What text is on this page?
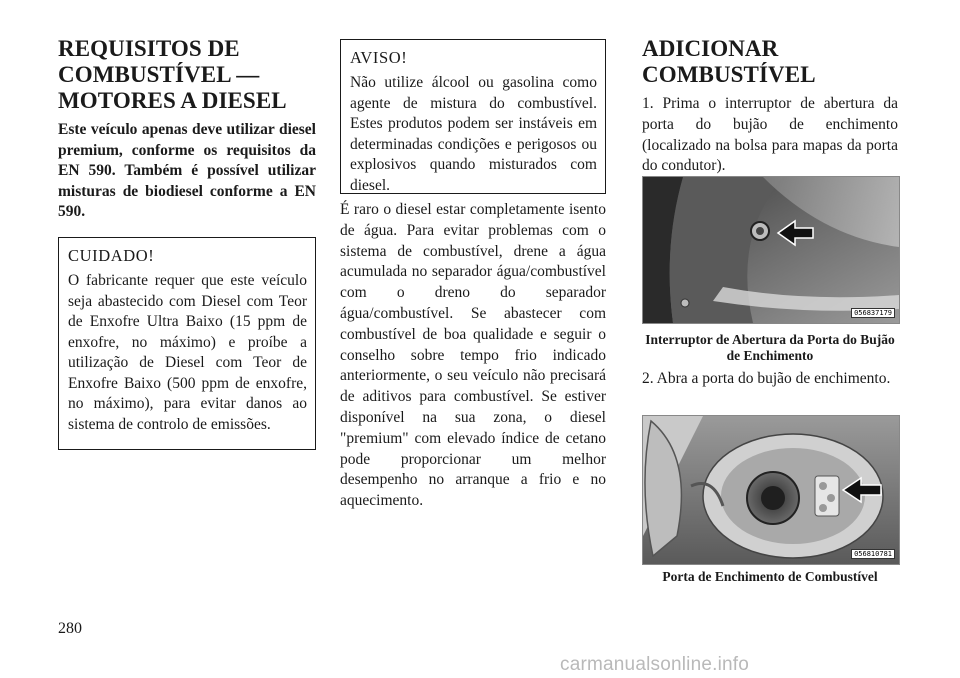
REQUISITOS DE COMBUSTÍVEL — MOTORES A DIESEL

Este veículo apenas deve utilizar diesel premium, conforme os requisitos da EN 590. Também é possível utilizar misturas de biodiesel conforme a EN 590.

CUIDADO!

O fabricante requer que este veículo seja abastecido com Diesel com Teor de Enxofre Ultra Baixo (15 ppm de enxofre, no máximo) e proíbe a utilização de Diesel com Teor de Enxofre Baixo (500 ppm de enxofre, no máximo), para evitar danos ao sistema de controlo de emissões.

AVISO!

Não utilize álcool ou gasolina como agente de mistura do combustível. Estes produtos podem ser instáveis em determinadas condições e perigosos ou explosivos quando misturados com diesel.

É raro o diesel estar completamente isento de água. Para evitar problemas com o sistema de combustível, drene a água acumulada no separador água/combustível com o dreno do separador água/combustível. Se abastecer com combustível de boa qualidade e seguir o conselho sobre tempo frio indicado anteriormente, o seu veículo não precisará de aditivos para combustível. Se estiver disponível na sua zona, o diesel "premium" com elevado índice de cetano pode proporcionar um melhor desempenho no arranque a frio e no aquecimento.

ADICIONAR COMBUSTÍVEL

1. Prima o interruptor de abertura da porta do bujão de enchimento (localizado na bolsa para mapas da porta do condutor).

056837179

Interruptor de Abertura da Porta do Bujão de Enchimento

2. Abra a porta do bujão de enchimento.

056810781

Porta de Enchimento de Combustível

280

carmanualsonline.info
